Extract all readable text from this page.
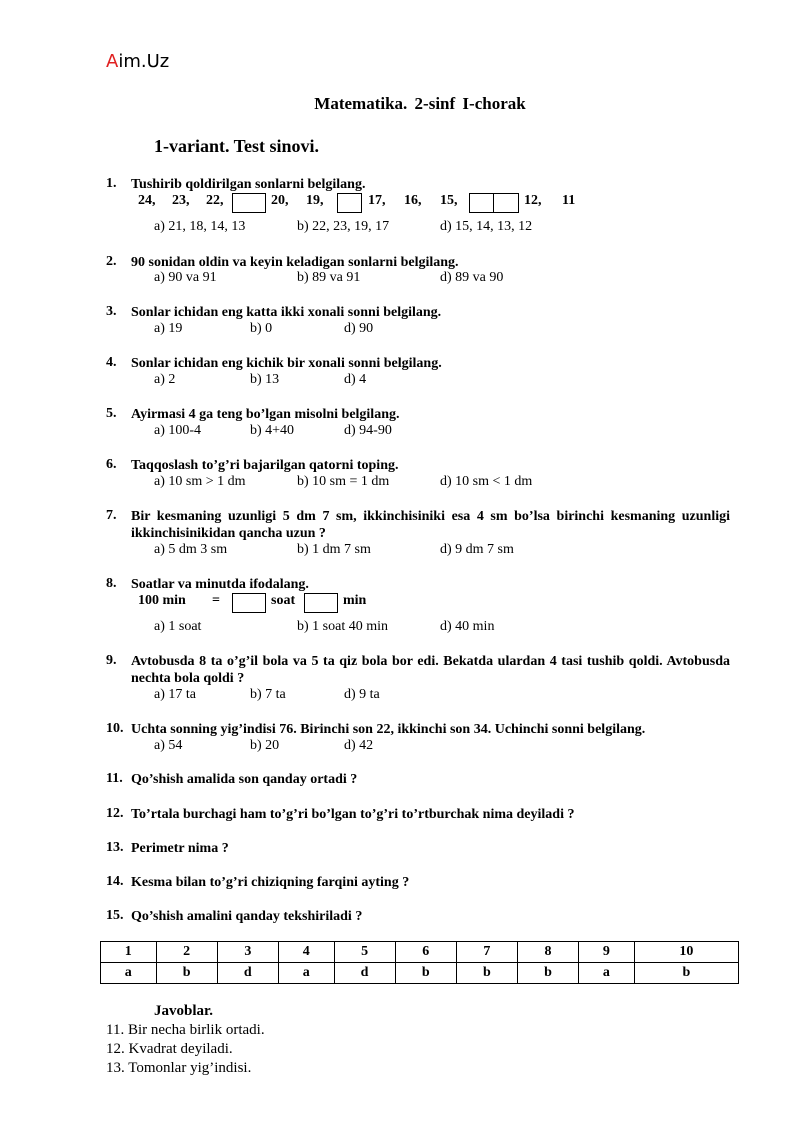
Aim.Uz
Matematika. 2-sinf I-chorak
1-variant. Test sinovi.
1. Tushirib qoldirilgan sonlarni belgilang.
24, 23, 22,	20, 19,	17, 16, 15,	12, 11
a) 21, 18, 14, 13	b) 22, 23, 19, 17	d) 15, 14, 13, 12
2. 90 sonidan oldin va keyin keladigan sonlarni belgilang.
a) 90 va 91	b) 89 va 91	d) 89 va 90
3. Sonlar ichidan eng katta ikki xonali sonni belgilang.
a) 19	b) 0	d) 90
4. Sonlar ichidan eng kichik bir xonali sonni belgilang.
a) 2	b) 13	d) 4
5. Ayirmasi 4 ga teng bo’lgan misolni belgilang.
a) 100-4	b) 4+40	d) 94-90
6. Taqqoslash to’g’ri bajarilgan qatorni toping.
a) 10 sm > 1 dm	b) 10 sm = 1 dm	d) 10 sm < 1 dm
7. Bir kesmaning uzunligi 5 dm 7 sm, ikkinchisiniki esa 4 sm bo’lsa birinchi kesmaning uzunligi ikkinchisinikidan qancha uzun ?
a) 5 dm 3 sm	b) 1 dm 7 sm	d) 9 dm 7 sm
8. Soatlar va minutda ifodalang.
100 min =	soat	min
a) 1 soat	b) 1 soat 40 min	d) 40 min
9. Avtobusda 8 ta o’g’il bola va 5 ta qiz bola bor edi. Bekatda ulardan 4 tasi tushib qoldi. Avtobusda nechta bola qoldi ?
a) 17 ta	b) 7 ta	d) 9 ta
10. Uchta sonning yig’indisi 76. Birinchi son 22, ikkinchi son 34. Uchinchi sonni belgilang.
a) 54	b) 20	d) 42
11. Qo’shish amalida son qanday ortadi ?
12. To’rtala burchagi ham to’g’ri bo’lgan to’g’ri to’rtburchak nima deyiladi ?
13. Perimetr nima ?
14. Kesma bilan to’g’ri chiziqning farqini ayting ?
15. Qo’shish amalini qanday tekshiriladi ?
1	2	3	4	5	6	7	8	9	10
a	b	d	a	d	b	b	b	a	b
Javoblar.
11. Bir necha birlik ortadi.
12. Kvadrat deyiladi.
13. Tomonlar yig’indisi.
